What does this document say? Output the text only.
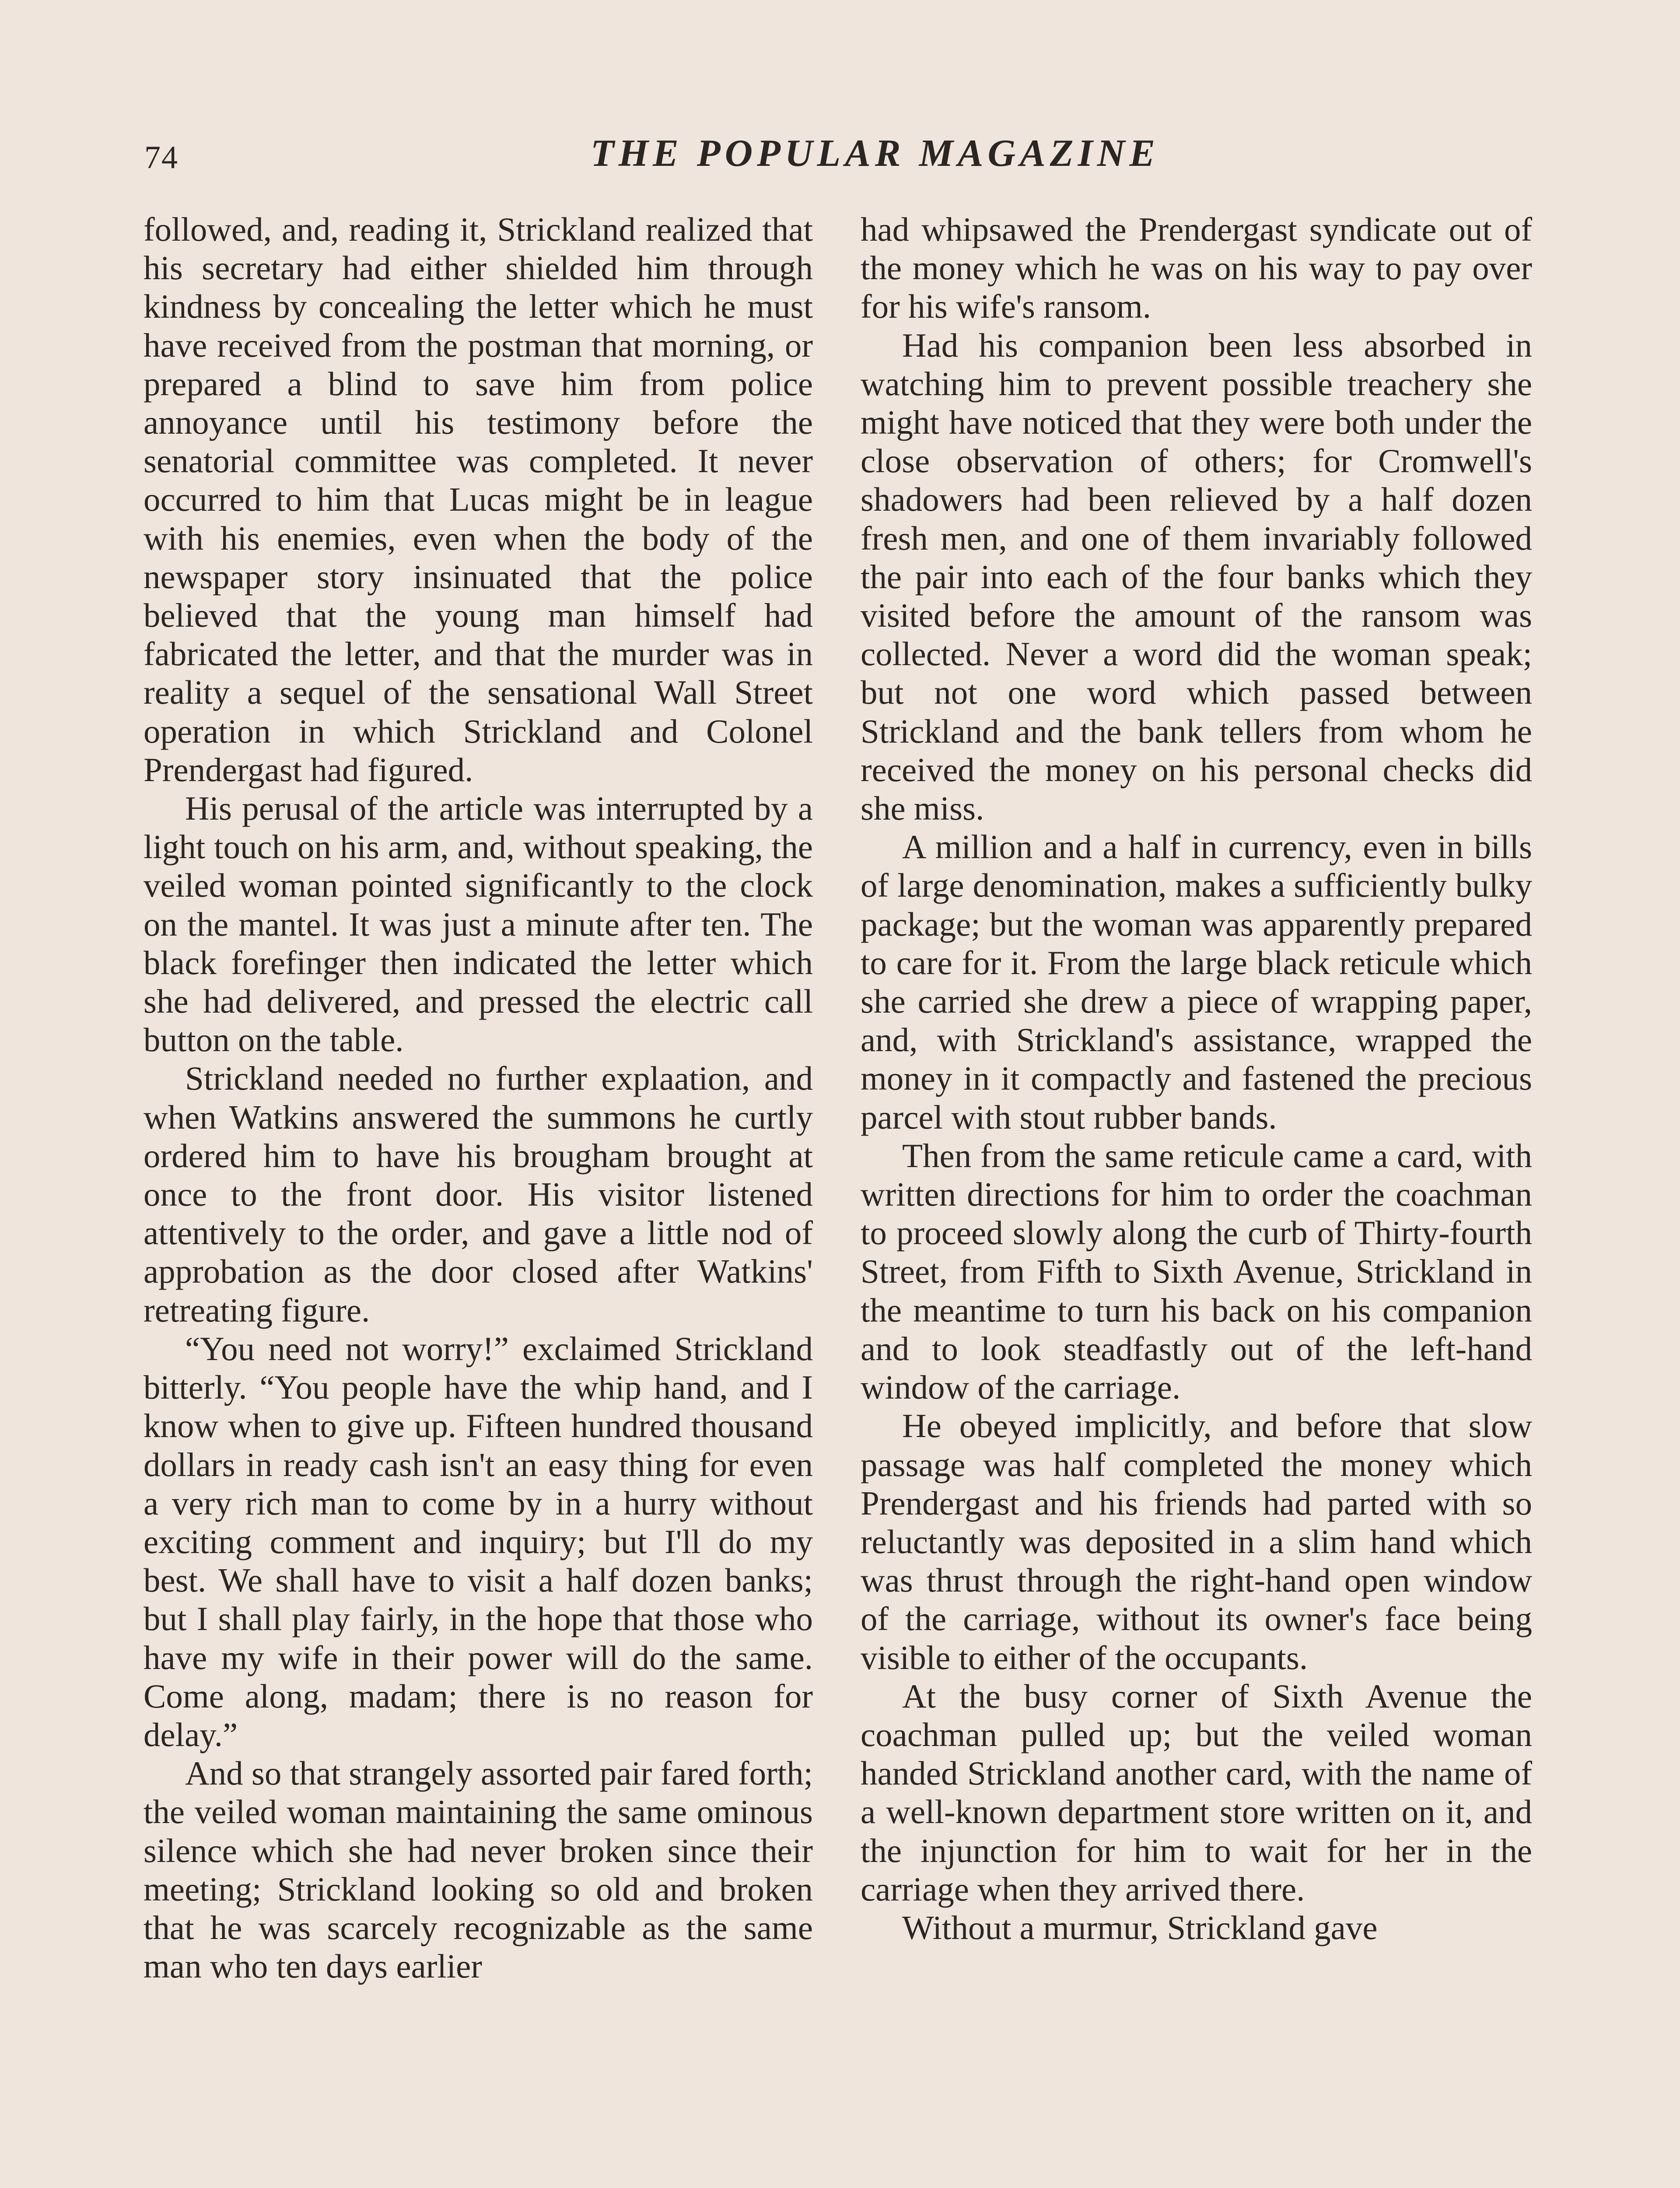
74	THE POPULAR MAGAZINE

followed, and, reading it, Strickland realized that his secretary had either shielded him through kindness by concealing the letter which he must have received from the postman that morning, or prepared a blind to save him from police annoyance until his testimony before the senatorial committee was completed. It never occurred to him that Lucas might be in league with his enemies, even when the body of the newspaper story insinuated that the police believed that the young man himself had fabricated the letter, and that the murder was in reality a sequel of the sensational Wall Street operation in which Strickland and Colonel Prendergast had figured.

His perusal of the article was interrupted by a light touch on his arm, and, without speaking, the veiled woman pointed significantly to the clock on the mantel. It was just a minute after ten. The black forefinger then indicated the letter which she had delivered, and pressed the electric call button on the table.

Strickland needed no further explaation, and when Watkins answered the summons he curtly ordered him to have his brougham brought at once to the front door. His visitor listened attentively to the order, and gave a little nod of approbation as the door closed after Watkins' retreating figure.

“You need not worry!” exclaimed Strickland bitterly. “You people have the whip hand, and I know when to give up. Fifteen hundred thousand dollars in ready cash isn't an easy thing for even a very rich man to come by in a hurry without exciting comment and inquiry; but I'll do my best. We shall have to visit a half dozen banks; but I shall play fairly, in the hope that those who have my wife in their power will do the same. Come along, madam; there is no reason for delay.”

And so that strangely assorted pair fared forth; the veiled woman maintaining the same ominous silence which she had never broken since their meeting; Strickland looking so old and broken that he was scarcely recognizable as the same man who ten days earlier

had whipsawed the Prendergast syndicate out of the money which he was on his way to pay over for his wife's ransom.

Had his companion been less absorbed in watching him to prevent possible treachery she might have noticed that they were both under the close observation of others; for Cromwell's shadowers had been relieved by a half dozen fresh men, and one of them invariably followed the pair into each of the four banks which they visited before the amount of the ransom was collected. Never a word did the woman speak; but not one word which passed between Strickland and the bank tellers from whom he received the money on his personal checks did she miss.

A million and a half in currency, even in bills of large denomination, makes a sufficiently bulky package; but the woman was apparently prepared to care for it. From the large black reticule which she carried she drew a piece of wrapping paper, and, with Strickland's assistance, wrapped the money in it compactly and fastened the precious parcel with stout rubber bands.

Then from the same reticule came a card, with written directions for him to order the coachman to proceed slowly along the curb of Thirty-fourth Street, from Fifth to Sixth Avenue, Strickland in the meantime to turn his back on his companion and to look steadfastly out of the left-hand window of the carriage.

He obeyed implicitly, and before that slow passage was half completed the money which Prendergast and his friends had parted with so reluctantly was deposited in a slim hand which was thrust through the right-hand open window of the carriage, without its owner's face being visible to either of the occupants.

At the busy corner of Sixth Avenue the coachman pulled up; but the veiled woman handed Strickland another card, with the name of a well-known department store written on it, and the injunction for him to wait for her in the carriage when they arrived there.

Without a murmur, Strickland gave
